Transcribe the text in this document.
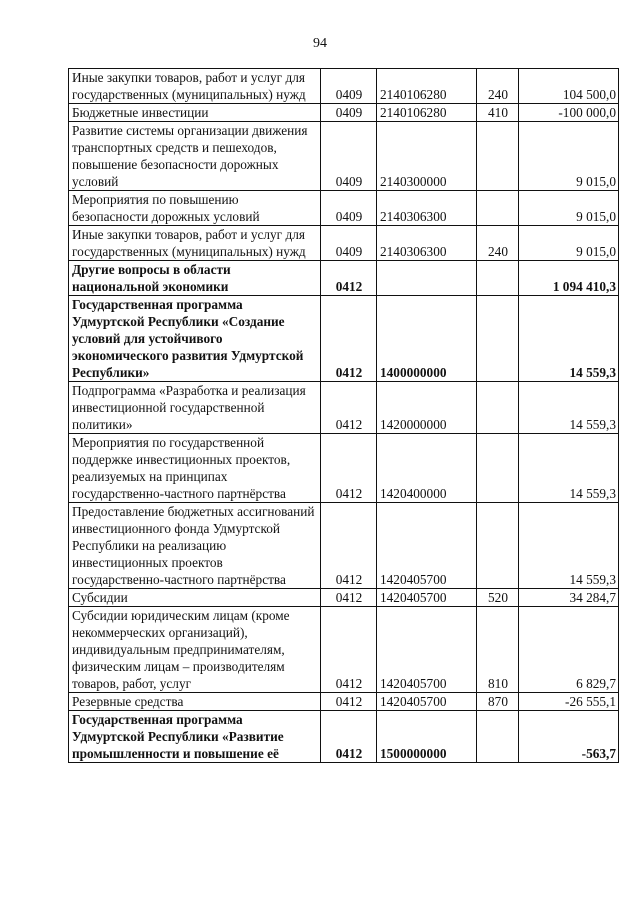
94
Иные закупки товаров, работ и услуг для государственных (муниципальных) нужд	0409	2140106280	240	104 500,0
Бюджетные инвестиции	0409	2140106280	410	-100 000,0
Развитие системы организации движения транспортных средств и пешеходов, повышение безопасности дорожных условий	0409	2140300000		9 015,0
Мероприятия по повышению безопасности дорожных условий	0409	2140306300		9 015,0
Иные закупки товаров, работ и услуг для государственных (муниципальных) нужд	0409	2140306300	240	9 015,0
Другие вопросы в области национальной экономики	0412			1 094 410,3
Государственная программа Удмуртской Республики «Создание условий для устойчивого экономического развития Удмуртской Республики»	0412	1400000000		14 559,3
Подпрограмма «Разработка и реализация инвестиционной государственной политики»	0412	1420000000		14 559,3
Мероприятия по государственной поддержке инвестиционных проектов, реализуемых на принципах государственно-частного партнёрства	0412	1420400000		14 559,3
Предоставление бюджетных ассигнований инвестиционного фонда Удмуртской Республики на реализацию инвестиционных проектов государственно-частного партнёрства	0412	1420405700		14 559,3
Субсидии	0412	1420405700	520	34 284,7
Субсидии юридическим лицам (кроме некоммерческих организаций), индивидуальным предпринимателям, физическим лицам – производителям товаров, работ, услуг	0412	1420405700	810	6 829,7
Резервные средства	0412	1420405700	870	-26 555,1
Государственная программа Удмуртской Республики «Развитие промышленности и повышение её	0412	1500000000		-563,7
